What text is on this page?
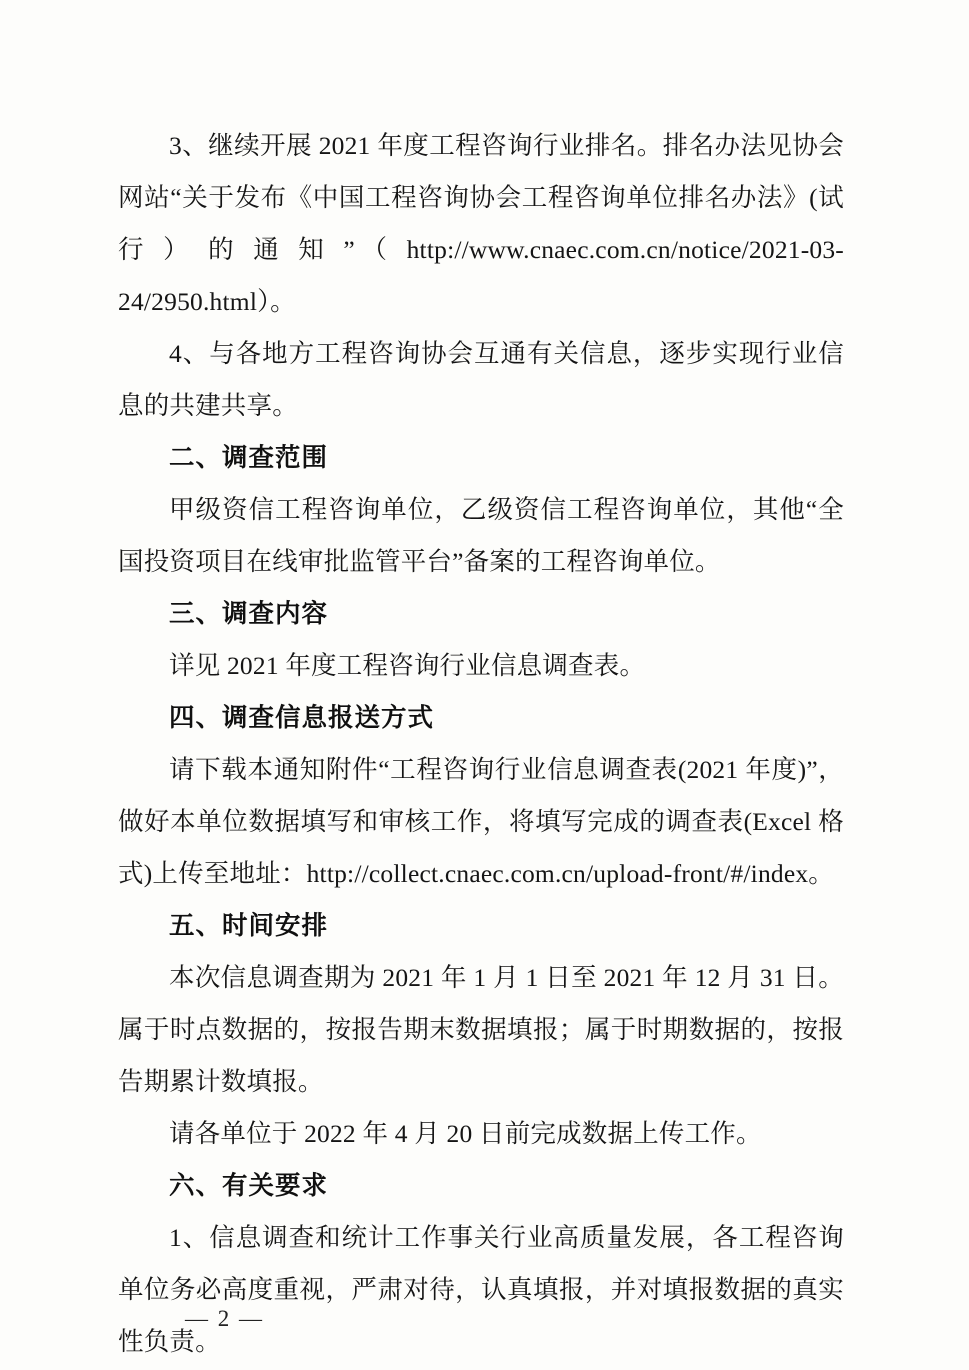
3、继续开展 2021 年度工程咨询行业排名。排名办法见协会网站“关于发布《中国工程咨询协会工程咨询单位排名办法》(试行）的通知”（http://www.cnaec.com.cn/notice/2021-03-24/2950.html）。

4、与各地方工程咨询协会互通有关信息，逐步实现行业信息的共建共享。

二、调查范围

甲级资信工程咨询单位，乙级资信工程咨询单位，其他“全国投资项目在线审批监管平台”备案的工程咨询单位。

三、调查内容

详见 2021 年度工程咨询行业信息调查表。

四、调查信息报送方式

请下载本通知附件“工程咨询行业信息调查表(2021 年度)”，做好本单位数据填写和审核工作，将填写完成的调查表(Excel 格式)上传至地址：http://collect.cnaec.com.cn/upload-front/#/index。

五、时间安排

本次信息调查期为 2021 年 1 月 1 日至 2021 年 12 月 31 日。属于时点数据的，按报告期末数据填报；属于时期数据的，按报告期累计数填报。

请各单位于 2022 年 4 月 20 日前完成数据上传工作。

六、有关要求

1、信息调查和统计工作事关行业高质量发展，各工程咨询单位务必高度重视，严肃对待，认真填报，并对填报数据的真实性负责。

— 2 —
